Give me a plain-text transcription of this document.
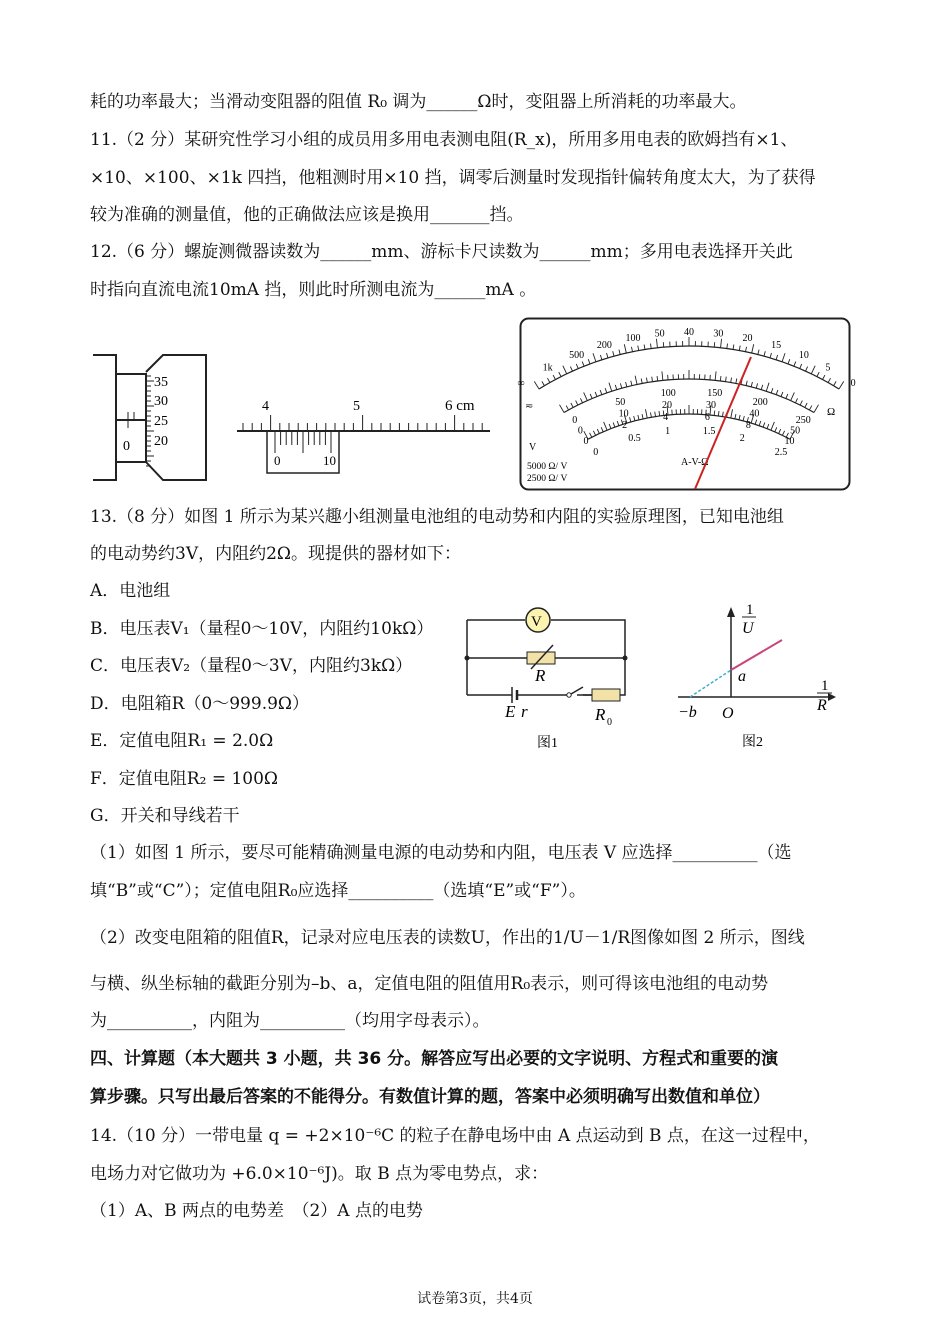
耗的功率最大；当滑动变阻器的阻值 R₀ 调为______Ω时，变阻器上所消耗的功率最大。
11.（2 分）某研究性学习小组的成员用多用电表测电阻(R_x)，所用多用电表的欧姆挡有×1、
×10、×100、×1k 四挡，他粗测时用×10 挡，调零后测量时发现指针偏转角度太大，为了获得
较为准确的测量值，他的正确做法应该是换用_______挡。
12.（6 分）螺旋测微器读数为______mm、游标卡尺读数为______mm；多用电表选择开关此
时指向直流电流10mA 挡，则此时所测电流为______mA 。
13.（8 分）如图 1 所示为某兴趣小组测量电池组的电动势和内阻的实验原理图，已知电池组
的电动势约3V，内阻约2Ω。现提供的器材如下：
A．电池组
B．电压表V₁（量程0～10V，内阻约10kΩ）
C．电压表V₂（量程0～3V，内阻约3kΩ）
D．电阻箱R（0～999.9Ω）
E．定值电阻R₁ = 2.0Ω
F．定值电阻R₂ = 100Ω
G．开关和导线若干
（1）如图 1 所示，要尽可能精确测量电源的电动势和内阻，电压表 V 应选择__________（选
填“B”或“C”）；定值电阻R₀应选择__________（选填“E”或“F”）。
（2）改变电阻箱的阻值R，记录对应电压表的读数U，作出的1/U－1/R图像如图 2 所示，图线
与横、纵坐标轴的截距分别为–b、a，定值电阻的阻值用R₀表示，则可得该电池组的电动势
为__________，内阻为__________（均用字母表示）。
四、计算题（本大题共 3 小题，共 36 分。解答应写出必要的文字说明、方程式和重要的演
算步骤。只写出最后答案的不能得分。有数值计算的题，答案中必须明确写出数值和单位）
14.（10 分）一带电量 q = +2×10⁻⁶C 的粒子在静电场中由 A 点运动到 B 点，在这一过程中，
电场力对它做功为 +6.0×10⁻⁶J)。取 B 点为零电势点，求：
（1）A、B 两点的电势差　（2）A 点的电势
35
30
25
20
0
4	5	6 cm
0	10
∞
1k
500
200
100 50 40 30 20
15
10
5
0
0
50
100	150
200
250
0
10
20	30
40
50
0
2
4	6
8
10
0
0.5
1	1.5
2
2.5
Ω
≂
V
A-V-Ω
5000 Ω/ V
2500 Ω/ V
V
R
E r	R 0
图1
1
U
1
R
a
−b O
图2
试卷第3页，共4页
